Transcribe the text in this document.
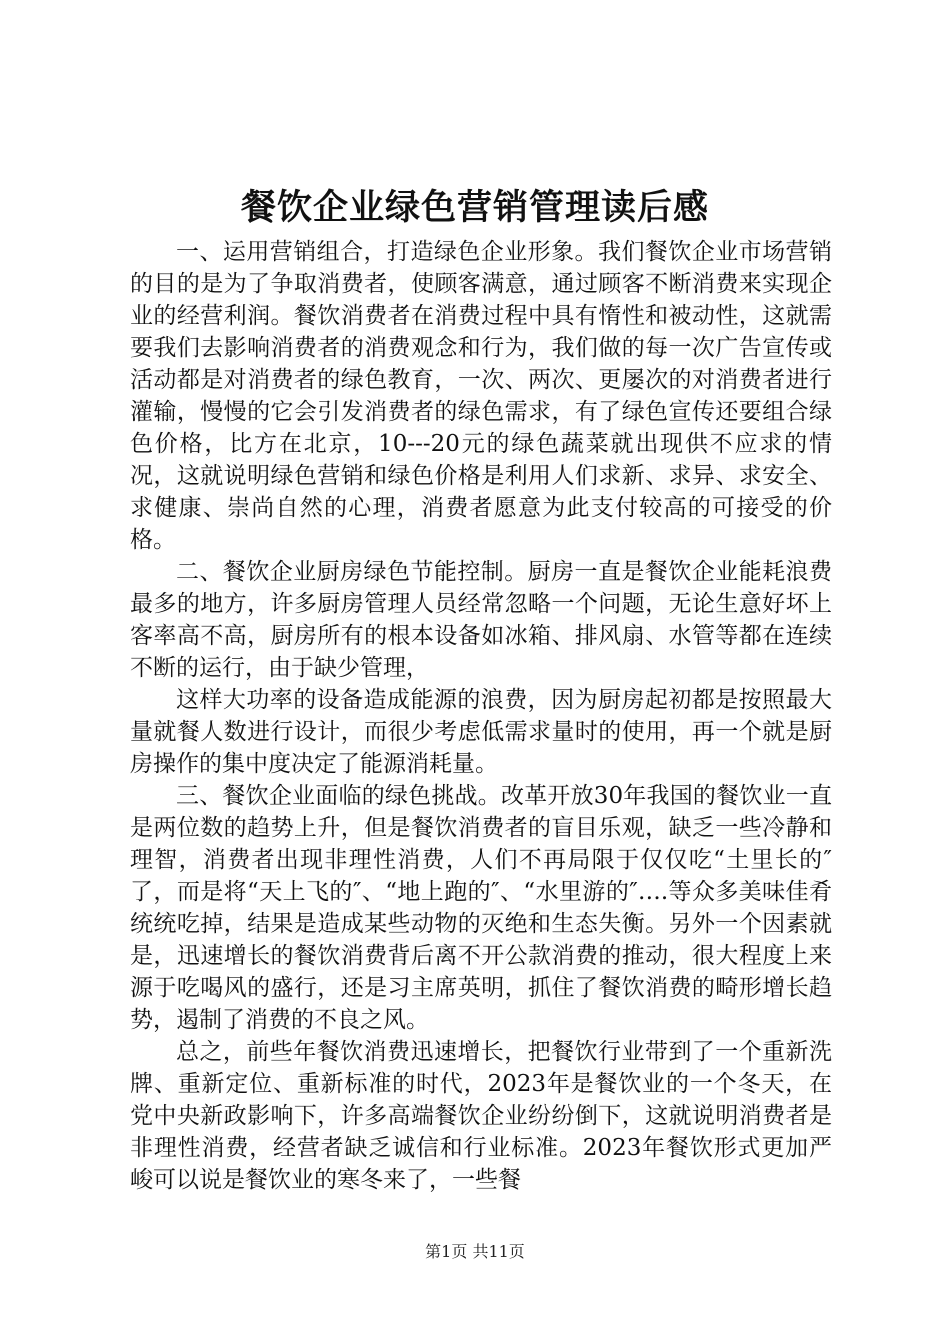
餐饮企业绿色营销管理读后感

一、运用营销组合，打造绿色企业形象。我们餐饮企业市场营销的目的是为了争取消费者，使顾客满意，通过顾客不断消费来实现企业的经营利润。餐饮消费者在消费过程中具有惰性和被动性，这就需要我们去影响消费者的消费观念和行为，我们做的每一次广告宣传或活动都是对消费者的绿色教育，一次、两次、更屡次的对消费者进行灌输，慢慢的它会引发消费者的绿色需求，有了绿色宣传还要组合绿色价格，比方在北京，10---20元的绿色蔬菜就出现供不应求的情况，这就说明绿色营销和绿色价格是利用人们求新、求异、求安全、求健康、崇尚自然的心理，消费者愿意为此支付较高的可接受的价格。

二、餐饮企业厨房绿色节能控制。厨房一直是餐饮企业能耗浪费最多的地方，许多厨房管理人员经常忽略一个问题，无论生意好坏上客率高不高，厨房所有的根本设备如冰箱、排风扇、水管等都在连续不断的运行，由于缺少管理，

这样大功率的设备造成能源的浪费，因为厨房起初都是按照最大量就餐人数进行设计，而很少考虑低需求量时的使用，再一个就是厨房操作的集中度决定了能源消耗量。

三、餐饮企业面临的绿色挑战。改革开放30年我国的餐饮业一直是两位数的趋势上升，但是餐饮消费者的盲目乐观，缺乏一些冷静和理智，消费者出现非理性消费，人们不再局限于仅仅吃“土里长的″了，而是将“天上飞的″、“地上跑的″、“水里游的″….等众多美味佳肴统统吃掉，结果是造成某些动物的灭绝和生态失衡。另外一个因素就是，迅速增长的餐饮消费背后离不开公款消费的推动，很大程度上来源于吃喝风的盛行，还是习主席英明，抓住了餐饮消费的畸形增长趋势，遏制了消费的不良之风。

总之，前些年餐饮消费迅速增长，把餐饮行业带到了一个重新洗牌、重新定位、重新标准的时代，2023年是餐饮业的一个冬天，在党中央新政影响下，许多高端餐饮企业纷纷倒下，这就说明消费者是非理性消费，经营者缺乏诚信和行业标准。2023年餐饮形式更加严峻可以说是餐饮业的寒冬来了，一些餐

第1页 共11页
